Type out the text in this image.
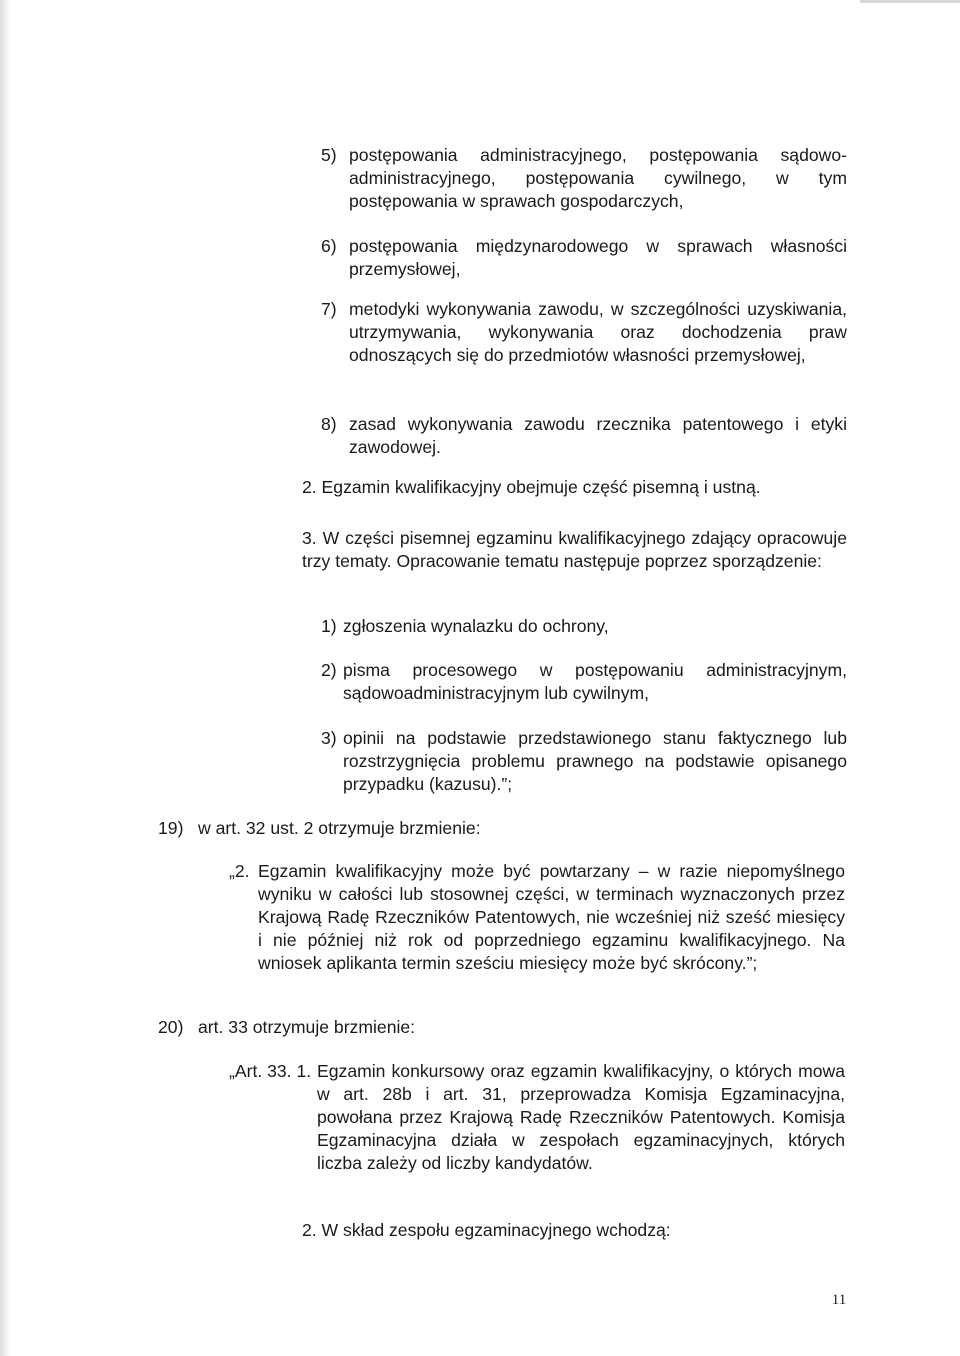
5) postępowania administracyjnego, postępowania sądowo-administracyjnego, postępowania cywilnego, w tym postępowania w sprawach gospodarczych,
6) postępowania międzynarodowego w sprawach własności przemysłowej,
7) metodyki wykonywania zawodu, w szczególności uzyskiwania, utrzymywania, wykonywania oraz dochodzenia praw odnoszących się do przedmiotów własności przemysłowej,
8) zasad wykonywania zawodu rzecznika patentowego i etyki zawodowej.

2. Egzamin kwalifikacyjny obejmuje część pisemną i ustną.

3. W części pisemnej egzaminu kwalifikacyjnego zdający opracowuje trzy tematy. Opracowanie tematu następuje poprzez sporządzenie:

1) zgłoszenia wynalazku do ochrony,
2) pisma procesowego w postępowaniu administracyjnym, sądowoadministracyjnym lub cywilnym,
3) opinii na podstawie przedstawionego stanu faktycznego lub rozstrzygnięcia problemu prawnego na podstawie opisanego przypadku (kazusu).”;
19) w art. 32 ust. 2 otrzymuje brzmienie:
„2. Egzamin kwalifikacyjny może być powtarzany – w razie niepomyślnego wyniku w całości lub stosownej części, w terminach wyznaczonych przez Krajową Radę Rzeczników Patentowych, nie wcześniej niż sześć miesięcy i nie później niż rok od poprzedniego egzaminu kwalifikacyjnego. Na wniosek aplikanta termin sześciu miesięcy może być skrócony.”;
20) art. 33 otrzymuje brzmienie:
„Art. 33. 1. Egzamin konkursowy oraz egzamin kwalifikacyjny, o których mowa w art. 28b i art. 31, przeprowadza Komisja Egzaminacyjna, powołana przez Krajową Radę Rzeczników Patentowych. Komisja Egzaminacyjna działa w zespołach egzaminacyjnych, których liczba zależy od liczby kandydatów.

2. W skład zespołu egzaminacyjnego wchodzą:

11
